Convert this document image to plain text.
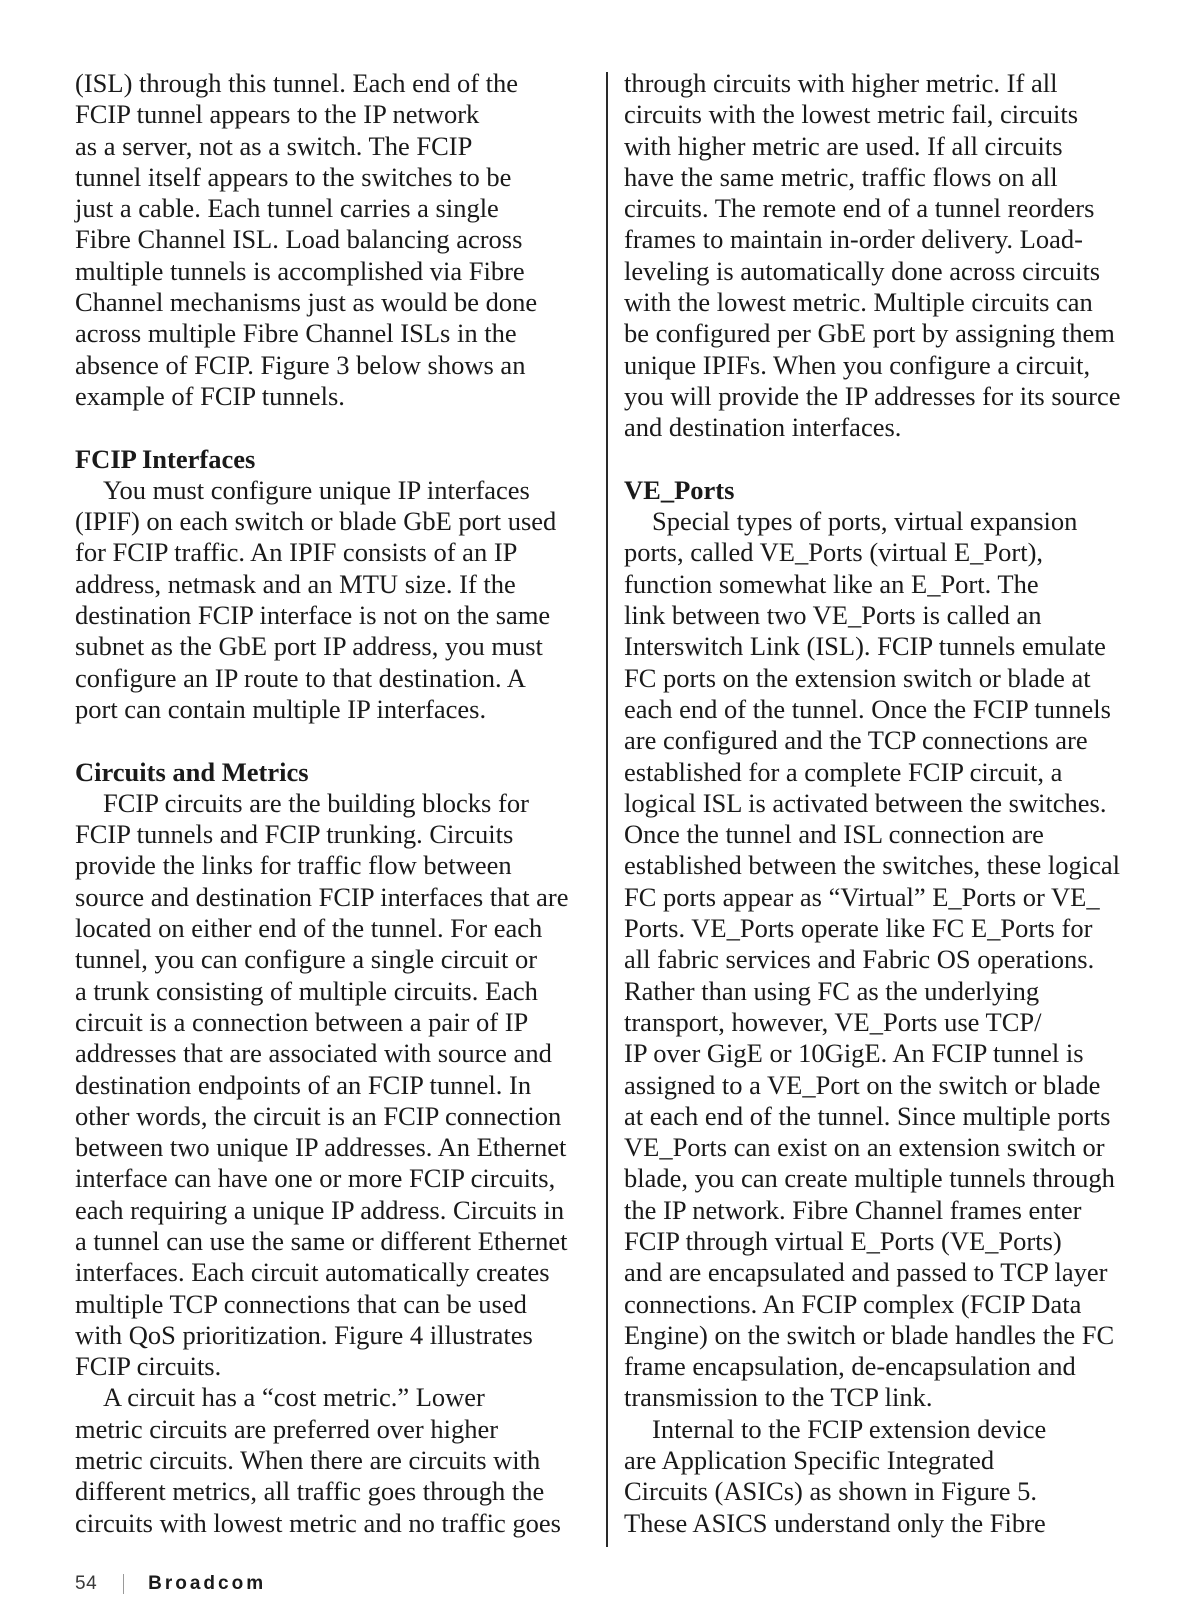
(ISL) through this tunnel. Each end of the
FCIP tunnel appears to the IP network
as a server, not as a switch. The FCIP
tunnel itself appears to the switches to be
just a cable. Each tunnel carries a single
Fibre Channel ISL. Load balancing across
multiple tunnels is accomplished via Fibre
Channel mechanisms just as would be done
across multiple Fibre Channel ISLs in the
absence of FCIP. Figure 3 below shows an
example of FCIP tunnels.
FCIP Interfaces
You must configure unique IP interfaces
(IPIF) on each switch or blade GbE port used
for FCIP traffic. An IPIF consists of an IP
address, netmask and an MTU size. If the
destination FCIP interface is not on the same
subnet as the GbE port IP address, you must
configure an IP route to that destination. A
port can contain multiple IP interfaces.
Circuits and Metrics
FCIP circuits are the building blocks for
FCIP tunnels and FCIP trunking. Circuits
provide the links for traffic flow between
source and destination FCIP interfaces that are
located on either end of the tunnel. For each
tunnel, you can configure a single circuit or
a trunk consisting of multiple circuits. Each
circuit is a connection between a pair of IP
addresses that are associated with source and
destination endpoints of an FCIP tunnel. In
other words, the circuit is an FCIP connection
between two unique IP addresses. An Ethernet
interface can have one or more FCIP circuits,
each requiring a unique IP address. Circuits in
a tunnel can use the same or different Ethernet
interfaces. Each circuit automatically creates
multiple TCP connections that can be used
with QoS prioritization. Figure 4 illustrates
FCIP circuits.
A circuit has a “cost metric.” Lower
metric circuits are preferred over higher
metric circuits. When there are circuits with
different metrics, all traffic goes through the
circuits with lowest metric and no traffic goes
through circuits with higher metric. If all
circuits with the lowest metric fail, circuits
with higher metric are used. If all circuits
have the same metric, traffic flows on all
circuits. The remote end of a tunnel reorders
frames to maintain in-order delivery. Load-
leveling is automatically done across circuits
with the lowest metric. Multiple circuits can
be configured per GbE port by assigning them
unique IPIFs. When you configure a circuit,
you will provide the IP addresses for its source
and destination interfaces.
VE_Ports
Special types of ports, virtual expansion
ports, called VE_Ports (virtual E_Port),
function somewhat like an E_Port. The
link between two VE_Ports is called an
Interswitch Link (ISL). FCIP tunnels emulate
FC ports on the extension switch or blade at
each end of the tunnel. Once the FCIP tunnels
are configured and the TCP connections are
established for a complete FCIP circuit, a
logical ISL is activated between the switches.
Once the tunnel and ISL connection are
established between the switches, these logical
FC ports appear as “Virtual” E_Ports or VE_
Ports. VE_Ports operate like FC E_Ports for
all fabric services and Fabric OS operations.
Rather than using FC as the underlying
transport, however, VE_Ports use TCP/
IP over GigE or 10GigE. An FCIP tunnel is
assigned to a VE_Port on the switch or blade
at each end of the tunnel. Since multiple ports
VE_Ports can exist on an extension switch or
blade, you can create multiple tunnels through
the IP network. Fibre Channel frames enter
FCIP through virtual E_Ports (VE_Ports)
and are encapsulated and passed to TCP layer
connections. An FCIP complex (FCIP Data
Engine) on the switch or blade handles the FC
frame encapsulation, de-encapsulation and
transmission to the TCP link.
Internal to the FCIP extension device
are Application Specific Integrated
Circuits (ASICs) as shown in Figure 5.
These ASICS understand only the Fibre
54	Broadcom
